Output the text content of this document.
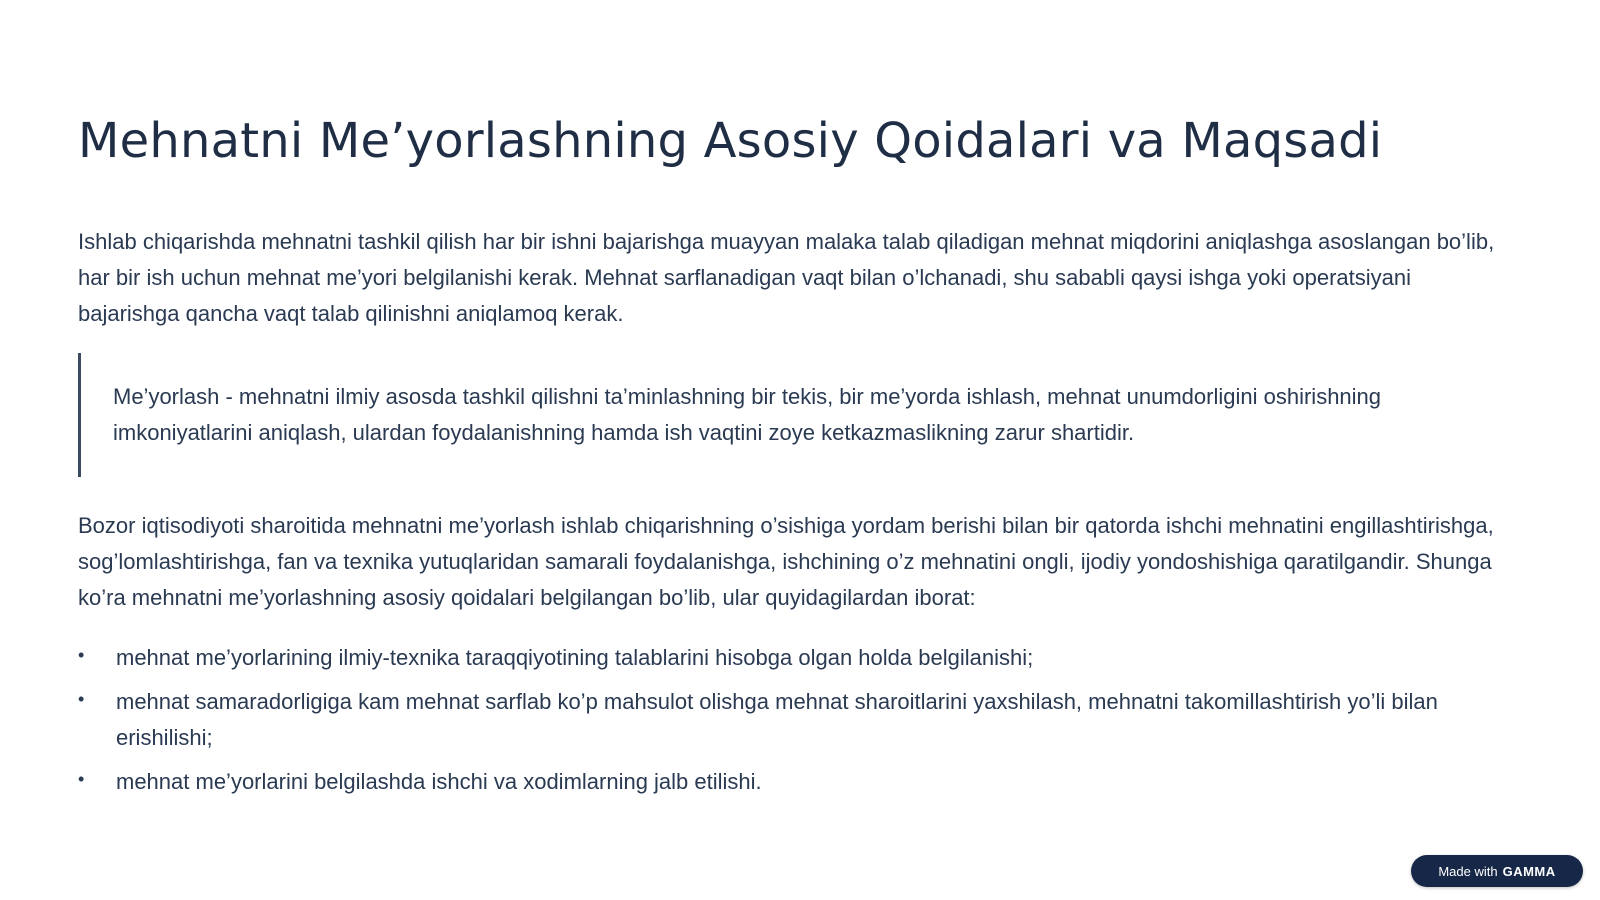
Mehnatni Me’yorlashning Asosiy Qoidalari va Maqsadi

Ishlab chiqarishda mehnatni tashkil qilish har bir ishni bajarishga muayyan malaka talab qiladigan mehnat miqdorini aniqlashga asoslangan bo’lib, har bir ish uchun mehnat me’yori belgilanishi kerak. Mehnat sarflanadigan vaqt bilan o’lchanadi, shu sababli qaysi ishga yoki operatsiyani bajarishga qancha vaqt talab qilinishni aniqlamoq kerak.

Me’yorlash - mehnatni ilmiy asosda tashkil qilishni ta’minlashning bir tekis, bir me’yorda ishlash, mehnat unumdorligini oshirishning imkoniyatlarini aniqlash, ulardan foydalanishning hamda ish vaqtini zoye ketkazmaslikning zarur shartidir.

Bozor iqtisodiyoti sharoitida mehnatni me’yorlash ishlab chiqarishning o’sishiga yordam berishi bilan bir qatorda ishchi mehnatini engillashtirishga, sog’lomlashtirishga, fan va texnika yutuqlaridan samarali foydalanishga, ishchining o’z mehnatini ongli, ijodiy yondoshishiga qaratilgandir. Shunga ko’ra mehnatni me’yorlashning asosiy qoidalari belgilangan bo’lib, ular quyidagilardan iborat:

• mehnat me’yorlarining ilmiy-texnika taraqqiyotining talablarini hisobga olgan holda belgilanishi;
• mehnat samaradorligiga kam mehnat sarflab ko’p mahsulot olishga mehnat sharoitlarini yaxshilash, mehnatni takomillashtirish yo’li bilan erishilishi;
• mehnat me’yorlarini belgilashda ishchi va xodimlarning jalb etilishi.
Made with GAMMA
